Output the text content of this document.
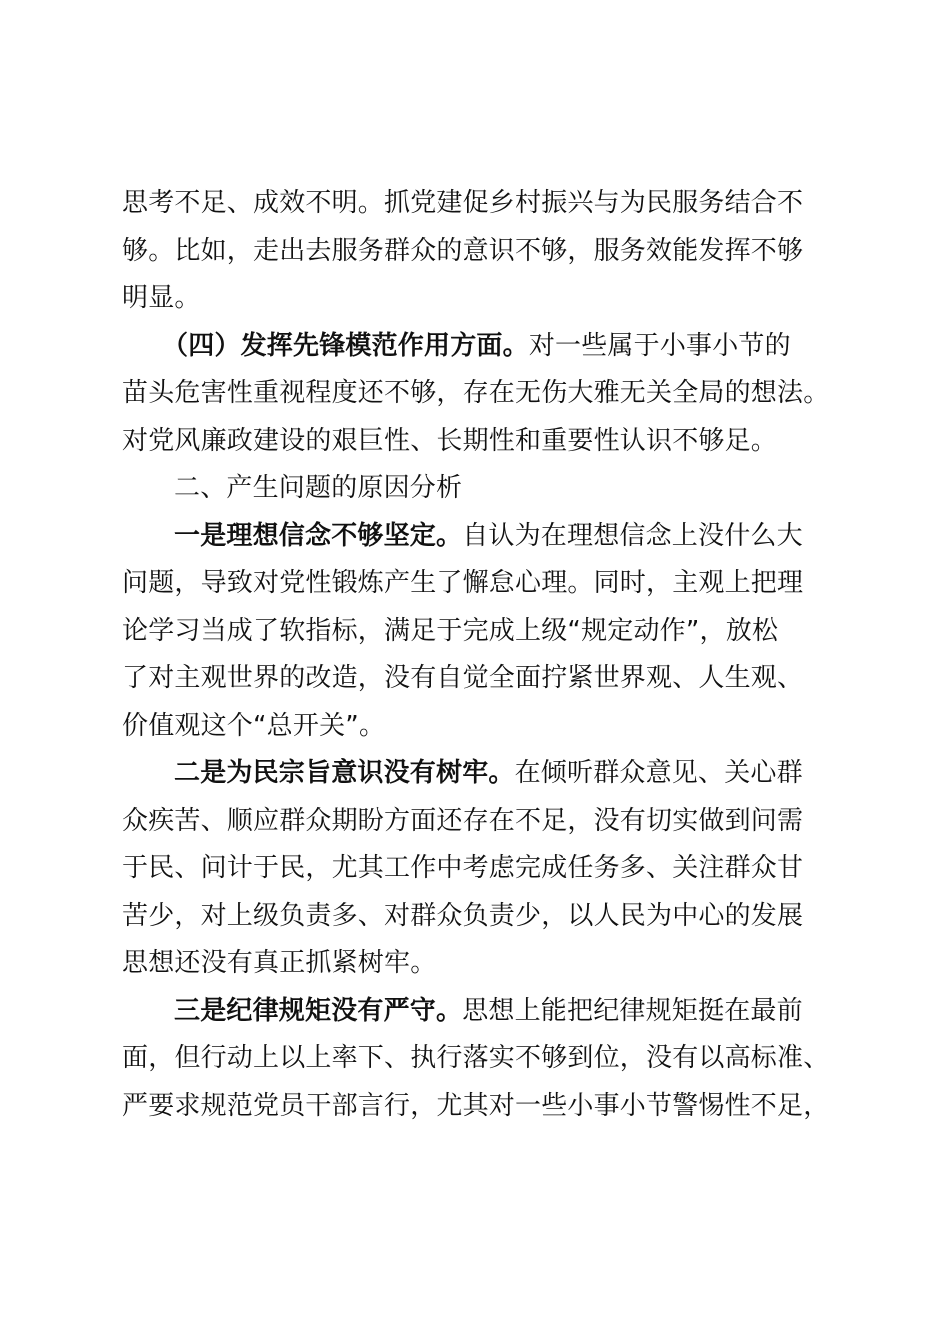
思考不足、成效不明。抓党建促乡村振兴与为民服务结合不
够。比如，走出去服务群众的意识不够，服务效能发挥不够
明显。
（四）发挥先锋模范作用方面。对一些属于小事小节的
苗头危害性重视程度还不够，存在无伤大雅无关全局的想法。
对党风廉政建设的艰巨性、长期性和重要性认识不够足。
二、产生问题的原因分析
一是理想信念不够坚定。自认为在理想信念上没什么大
问题，导致对党性锻炼产生了懈怠心理。同时，主观上把理
论学习当成了软指标，满足于完成上级“规定动作”，放松
了对主观世界的改造，没有自觉全面拧紧世界观、人生观、
价值观这个“总开关”。
二是为民宗旨意识没有树牢。在倾听群众意见、关心群
众疾苦、顺应群众期盼方面还存在不足，没有切实做到问需
于民、问计于民，尤其工作中考虑完成任务多、关注群众甘
苦少，对上级负责多、对群众负责少，以人民为中心的发展
思想还没有真正抓紧树牢。
三是纪律规矩没有严守。思想上能把纪律规矩挺在最前
面，但行动上以上率下、执行落实不够到位，没有以高标准、
严要求规范党员干部言行，尤其对一些小事小节警惕性不足，
